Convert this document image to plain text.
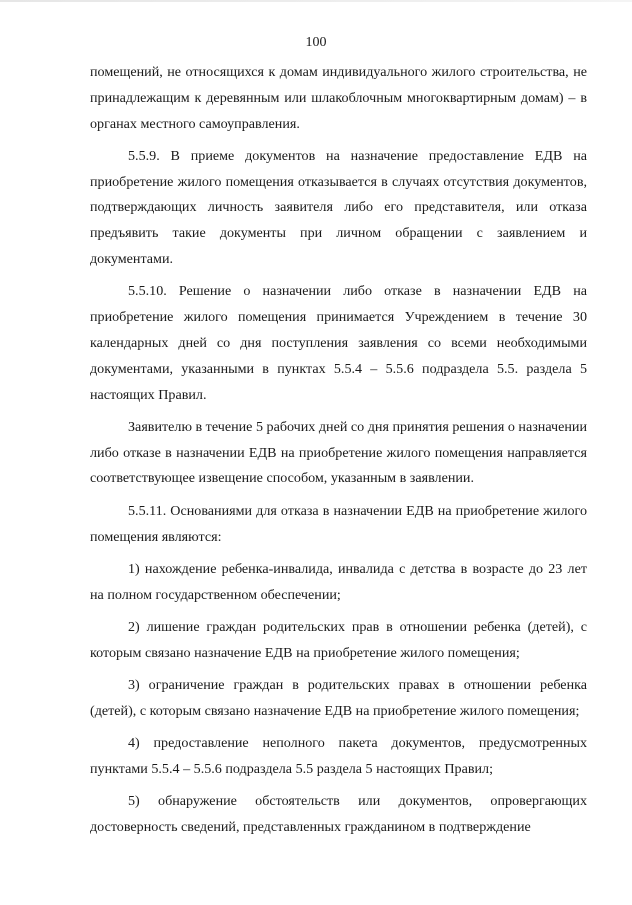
100

помещений, не относящихся к домам индивидуального жилого строительства, не принадлежащим к деревянным или шлакоблочным многоквартирным домам) – в органах местного самоуправления.

5.5.9. В приеме документов на назначение предоставление ЕДВ на приобретение жилого помещения отказывается в случаях отсутствия документов, подтверждающих личность заявителя либо его представителя, или отказа предъявить такие документы при личном обращении с заявлением и документами.

5.5.10. Решение о назначении либо отказе в назначении ЕДВ на приобретение жилого помещения принимается Учреждением в течение 30 календарных дней со дня поступления заявления со всеми необходимыми документами, указанными в пунктах 5.5.4 – 5.5.6 подраздела 5.5. раздела 5 настоящих Правил.

Заявителю в течение 5 рабочих дней со дня принятия решения о назначении либо отказе в назначении ЕДВ на приобретение жилого помещения направляется соответствующее извещение способом, указанным в заявлении.

5.5.11. Основаниями для отказа в назначении ЕДВ на приобретение жилого помещения являются:

1) нахождение ребенка-инвалида, инвалида с детства в возрасте до 23 лет на полном государственном обеспечении;

2) лишение граждан родительских прав в отношении ребенка (детей), с которым связано назначение ЕДВ на приобретение жилого помещения;

3) ограничение граждан в родительских правах в отношении ребенка (детей), с которым связано назначение ЕДВ на приобретение жилого помещения;

4) предоставление неполного пакета документов, предусмотренных пунктами 5.5.4 – 5.5.6 подраздела 5.5 раздела 5 настоящих Правил;

5) обнаружение обстоятельств или документов, опровергающих достоверность сведений, представленных гражданином в подтверждение
